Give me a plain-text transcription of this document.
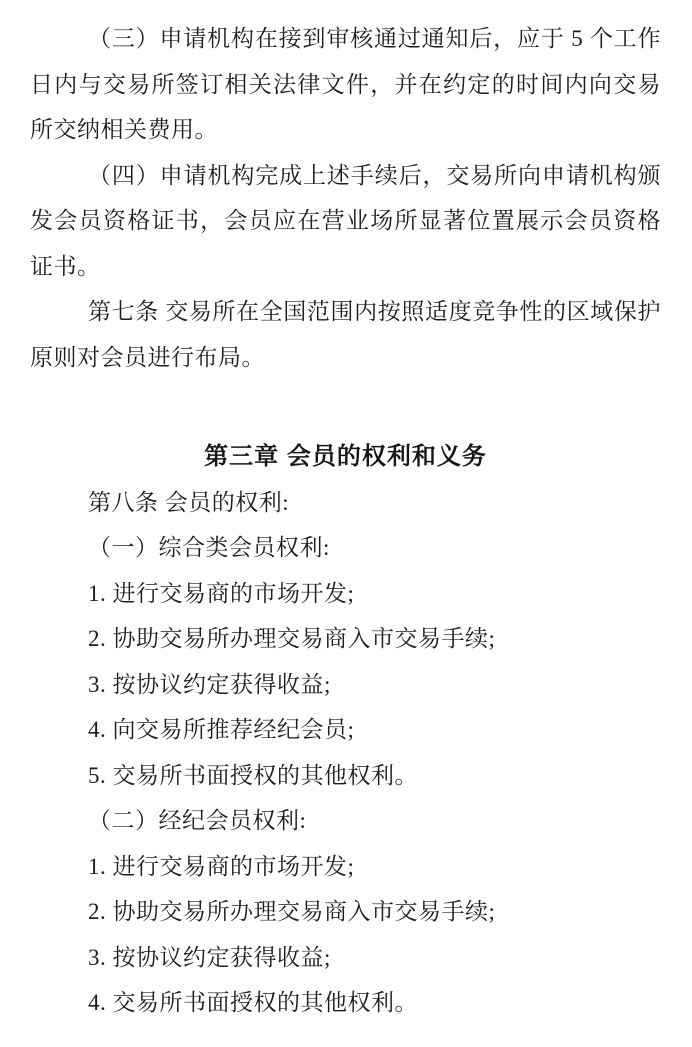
（三）申请机构在接到审核通过通知后，应于 5 个工作日内与交易所签订相关法律文件，并在约定的时间内向交易所交纳相关费用。

（四）申请机构完成上述手续后，交易所向申请机构颁发会员资格证书，会员应在营业场所显著位置展示会员资格证书。

第七条 交易所在全国范围内按照适度竞争性的区域保护原则对会员进行布局。

第三章 会员的权利和义务

第八条 会员的权利:

（一）综合类会员权利:

1. 进行交易商的市场开发;

2. 协助交易所办理交易商入市交易手续;

3. 按协议约定获得收益;

4. 向交易所推荐经纪会员;

5. 交易所书面授权的其他权利。

（二）经纪会员权利:

1. 进行交易商的市场开发;

2. 协助交易所办理交易商入市交易手续;

3. 按协议约定获得收益;

4. 交易所书面授权的其他权利。
